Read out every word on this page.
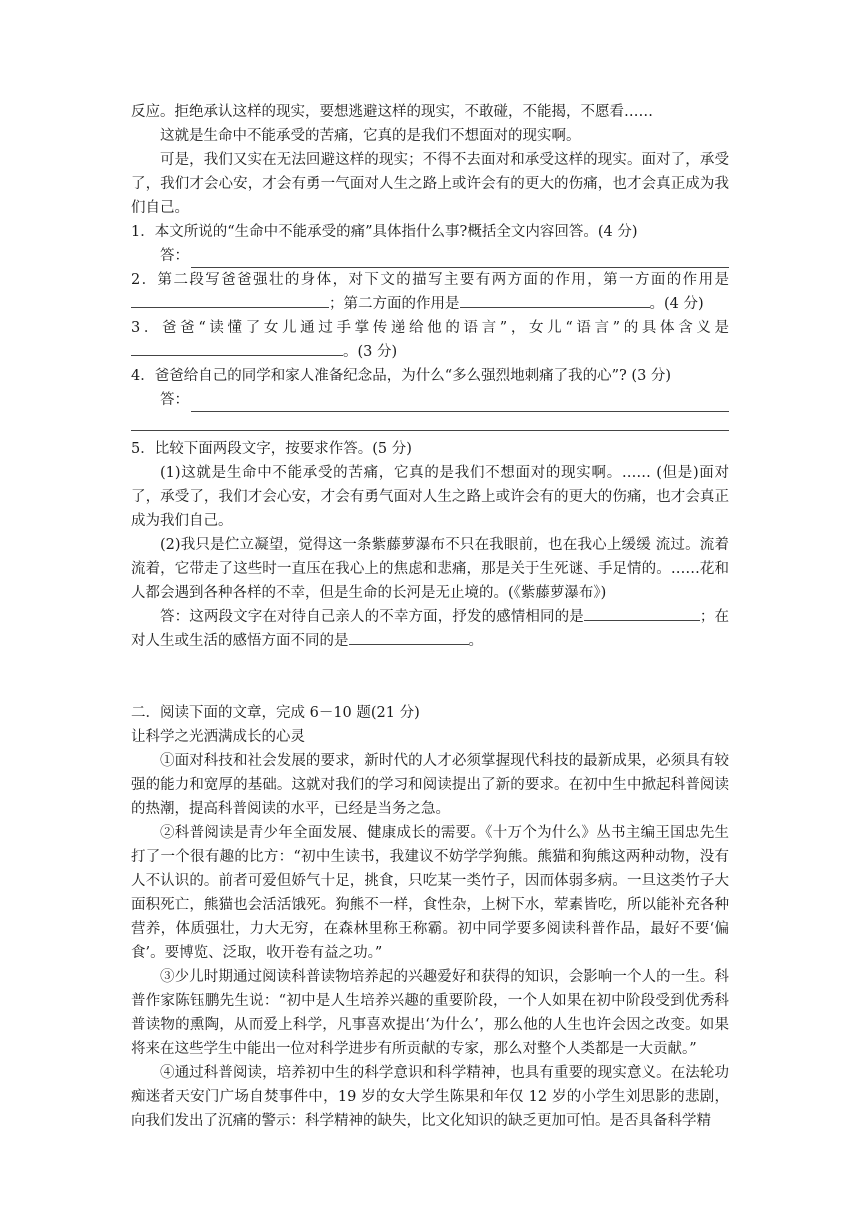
反应。拒绝承认这样的现实，要想逃避这样的现实，不敢碰，不能揭，不愿看……

这就是生命中不能承受的苦痛，它真的是我们不想面对的现实啊。

可是，我们又实在无法回避这样的现实；不得不去面对和承受这样的现实。面对了，承受了，我们才会心安，才会有勇一气面对人生之路上或许会有的更大的伤痛，也才会真正成为我们自己。

1．本文所说的“生命中不能承受的痛”具体指什么事?概括全文内容回答。(4 分)

答：

2．第二段写爸爸强壮的身体，对下文的描写主要有两方面的作用，第一方面的作用是；第二方面的作用是	。(4 分)

3．爸爸“读懂了女儿通过手掌传递给他的语言”，女儿“语言”的具体含义是。(3 分)

4．爸爸给自己的同学和家人准备纪念品，为什么“多么强烈地刺痛了我的心”? (3 分)

答：

5．比较下面两段文字，按要求作答。(5 分)

(1)这就是生命中不能承受的苦痛，它真的是我们不想面对的现实啊。…… (但是)面对了，承受了，我们才会心安，才会有勇气面对人生之路上或许会有的更大的伤痛，也才会真正成为我们自己。

(2)我只是伫立凝望，觉得这一条紫藤萝瀑布不只在我眼前，也在我心上缓缓 流过。流着流着，它带走了这些时一直压在我心上的焦虑和悲痛，那是关于生死谜、手足情的。……花和人都会遇到各种各样的不幸，但是生命的长河是无止境的。(《紫藤萝瀑布》)

答：这两段文字在对待自己亲人的不幸方面，抒发的感情相同的是	；在对人生或生活的感悟方面不同的是	。

二．阅读下面的文章，完成 6－10 题(21 分)

让科学之光洒满成长的心灵

①面对科技和社会发展的要求，新时代的人才必须掌握现代科技的最新成果，必须具有较强的能力和宽厚的基础。这就对我们的学习和阅读提出了新的要求。在初中生中掀起科普阅读的热潮，提高科普阅读的水平，已经是当务之急。

②科普阅读是青少年全面发展、健康成长的需要。《十万个为什么》丛书主编王国忠先生打了一个很有趣的比方：“初中生读书，我建议不妨学学狗熊。熊猫和狗熊这两种动物，没有人不认识的。前者可爱但娇气十足，挑食，只吃某一类竹子，因而体弱多病。一旦这类竹子大面积死亡，熊猫也会活活饿死。狗熊不一样，食性杂，上树下水，荤素皆吃，所以能补充各种营养，体质强壮，力大无穷，在森林里称王称霸。初中同学要多阅读科普作品，最好不要‘偏食’。要博览、泛取，收开卷有益之功。”

③少儿时期通过阅读科普读物培养起的兴趣爱好和获得的知识，会影响一个人的一生。科普作家陈钰鹏先生说：“初中是人生培养兴趣的重要阶段，一个人如果在初中阶段受到优秀科普读物的熏陶，从而爱上科学，凡事喜欢提出‘为什么’，那么他的人生也许会因之改变。如果将来在这些学生中能出一位对科学进步有所贡献的专家，那么对整个人类都是一大贡献。”

④通过科普阅读，培养初中生的科学意识和科学精神，也具有重要的现实意义。在法轮功痴迷者天安门广场自焚事件中，19 岁的女大学生陈果和年仅 12 岁的小学生刘思影的悲剧，向我们发出了沉痛的警示：科学精神的缺失，比文化知识的缺乏更加可怕。是否具备科学精
